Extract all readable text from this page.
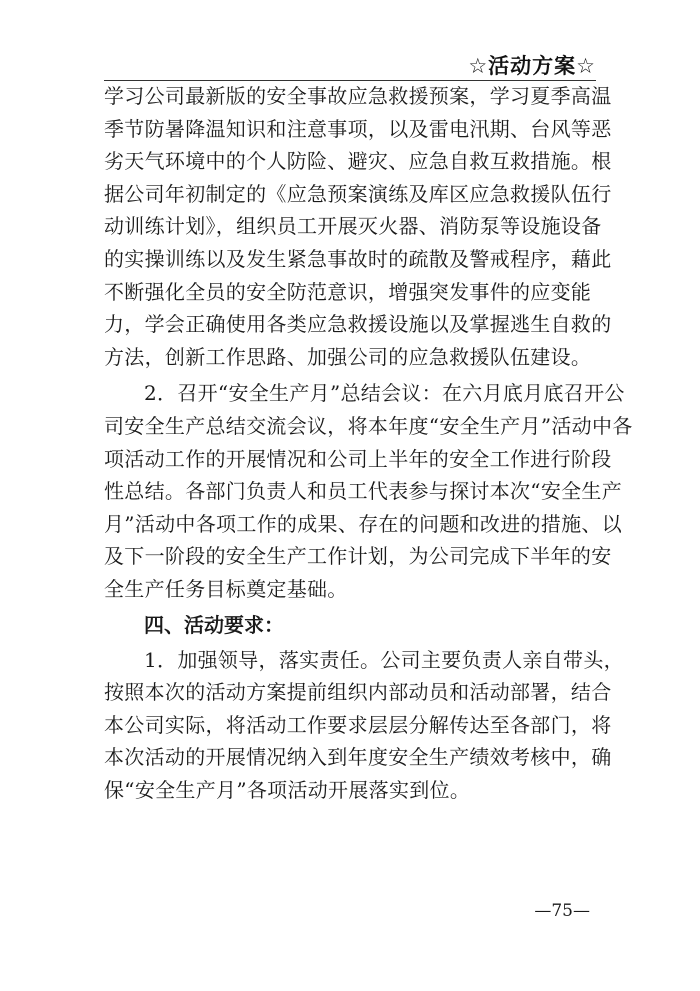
☆活动方案☆

学习公司最新版的安全事故应急救援预案，学习夏季高温
季节防暑降温知识和注意事项，以及雷电汛期、台风等恶
劣天气环境中的个人防险、避灾、应急自救互救措施。根
据公司年初制定的《应急预案演练及库区应急救援队伍行
动训练计划》，组织员工开展灭火器、消防泵等设施设备
的实操训练以及发生紧急事故时的疏散及警戒程序，藉此
不断强化全员的安全防范意识，增强突发事件的应变能
力，学会正确使用各类应急救援设施以及掌握逃生自救的
方法，创新工作思路、加强公司的应急救援队伍建设。

2．召开“安全生产月”总结会议：在六月底月底召开公
司安全生产总结交流会议，将本年度“安全生产月”活动中各
项活动工作的开展情况和公司上半年的安全工作进行阶段
性总结。各部门负责人和员工代表参与探讨本次“安全生产
月”活动中各项工作的成果、存在的问题和改进的措施、以
及下一阶段的安全生产工作计划，为公司完成下半年的安
全生产任务目标奠定基础。

四、活动要求：

1．加强领导，落实责任。公司主要负责人亲自带头，
按照本次的活动方案提前组织内部动员和活动部署，结合
本公司实际，将活动工作要求层层分解传达至各部门，将
本次活动的开展情况纳入到年度安全生产绩效考核中，确
保“安全生产月”各项活动开展落实到位。

—75—
